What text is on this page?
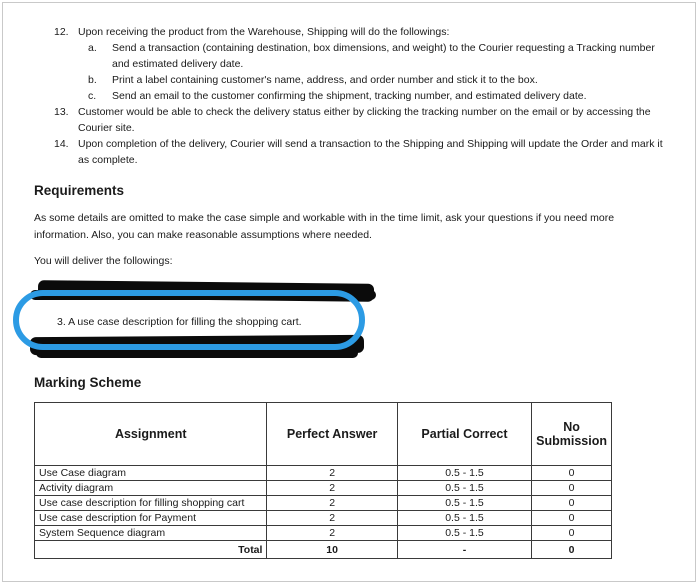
12. Upon receiving the product from the Warehouse, Shipping will do the followings:
a. Send a transaction (containing destination, box dimensions, and weight) to the Courier requesting a Tracking number and estimated delivery date.
b. Print a label containing customer's name, address, and order number and stick it to the box.
c. Send an email to the customer confirming the shipment, tracking number, and estimated delivery date.
13. Customer would be able to check the delivery status either by clicking the tracking number on the email or by accessing the Courier site.
14. Upon completion of the delivery, Courier will send a transaction to the Shipping and Shipping will update the Order and mark it as complete.
Requirements
As some details are omitted to make the case simple and workable with in the time limit, ask your questions if you need more information. Also, you can make reasonable assumptions where needed.
You will deliver the followings:
3. A use case description for filling the shopping cart.
Marking Scheme
Assignment	Perfect Answer	Partial Correct	No Submission
Use Case diagram	2	0.5 - 1.5	0
Activity diagram	2	0.5 - 1.5	0
Use case description for filling shopping cart	2	0.5 - 1.5	0
Use case description for Payment	2	0.5 - 1.5	0
System Sequence diagram	2	0.5 - 1.5	0
Total	10	-	0
